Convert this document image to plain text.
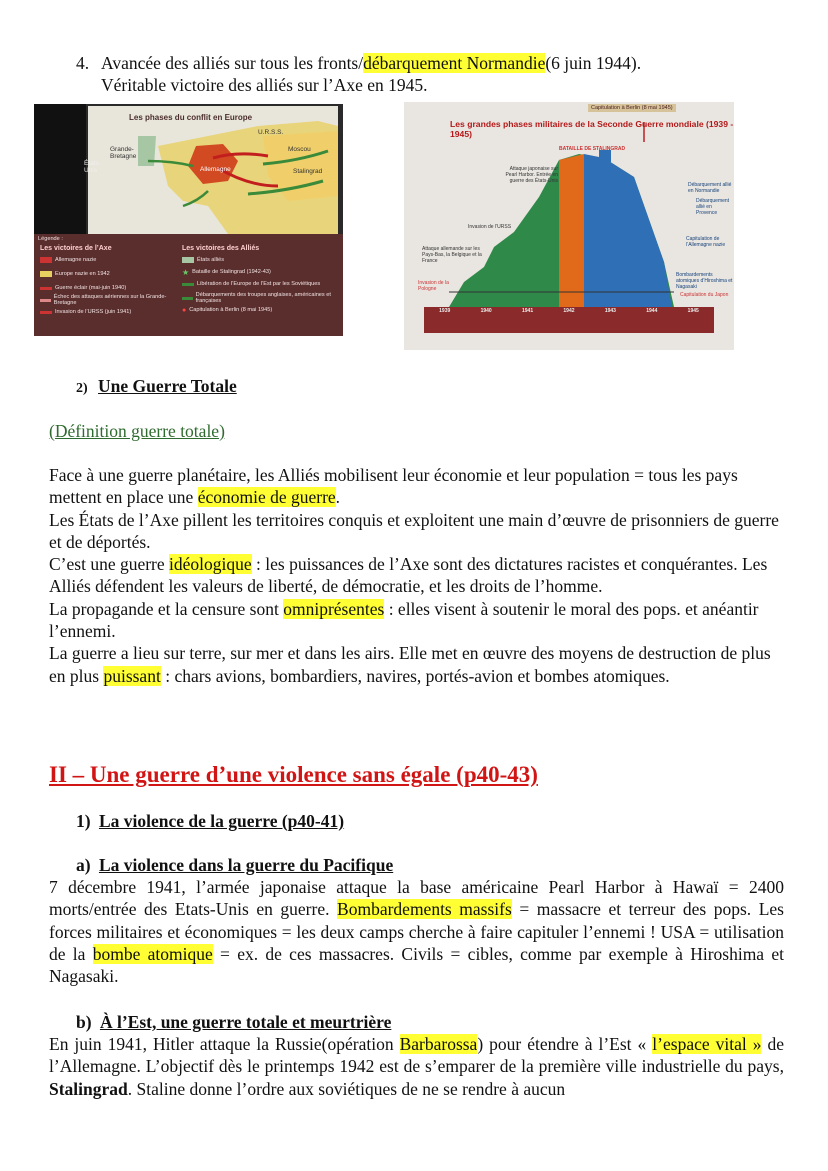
4. Avancée des alliés sur tous les fronts/débarquement Normandie(6 juin 1944).
Véritable victoire des alliés sur l’Axe en 1945.
Les phases du conflit en Europe
U.R.S.S.
Grande-Bretagne
États-Unis	Allemagne
Moscou
Stalingrad
Légende :
Les victoires de l’Axe	Les victoires des Alliés
Allemagne nazie
Europe nazie en 1942
Guerre éclair (mai-juin 1940)
Échec des attaques aériennes sur la Grande-Bretagne
Invasion de l’URSS (juin 1941)
États alliés
★ Bataille de Stalingrad (1942-43)
Libération de l’Europe de l’Est par les Soviétiques
Débarquements des troupes anglaises, américaines et françaises
● Capitulation à Berlin (8 mai 1945)
Capitulation à Berlin (8 mai 1945)
Les grandes phases militaires de la Seconde Guerre mondiale (1939 - 1945)
BATAILLE DE STALINGRAD
Attaque japonaise sur Pearl Harbor. Entrée en guerre des États-Unis
Invasion de l’URSS
Attaque allemande sur les Pays-Bas, la Belgique et la France
Invasion de la Pologne
Débarquement allié en Normandie
Débarquement allié en Provence
Capitulation de l’Allemagne nazie
Bombardements atomiques d’Hiroshima et Nagasaki
Capitulation du Japon
1939	1940	1941	1942	1943	1944	1945
2) Une Guerre Totale
(Définition guerre totale)
Face à une guerre planétaire, les Alliés mobilisent leur économie et leur population = tous les pays mettent en place une économie de guerre.
Les États de l’Axe pillent les territoires conquis et exploitent une main d’œuvre de prisonniers de guerre et de déportés.
C’est une guerre idéologique : les puissances de l’Axe sont des dictatures racistes et conquérantes. Les Alliés défendent les valeurs de liberté, de démocratie, et les droits de l’homme.
La propagande et la censure sont omniprésentes : elles visent à soutenir le moral des pops. et anéantir l’ennemi.
La guerre a lieu sur terre, sur mer et dans les airs. Elle met en œuvre des moyens de destruction de plus en plus puissant : chars avions, bombardiers, navires, portés-avion et bombes atomiques.
II – Une guerre d’une violence sans égale (p40-43)
1) La violence de la guerre (p40-41)
a) La violence dans la guerre du Pacifique
7 décembre 1941, l’armée japonaise attaque la base américaine Pearl Harbor à Hawaï = 2400 morts/entrée des Etats-Unis en guerre. Bombardements massifs = massacre et terreur des pops. Les forces militaires et économiques = les deux camps cherche à faire capituler l’ennemi ! USA = utilisation de la bombe atomique = ex. de ces massacres. Civils = cibles, comme par exemple à Hiroshima et Nagasaki.
b) À l’Est, une guerre totale et meurtrière
En juin 1941, Hitler attaque la Russie(opération Barbarossa) pour étendre à l’Est « l’espace vital » de l’Allemagne. L’objectif dès le printemps 1942 est de s’emparer de la première ville industrielle du pays, Stalingrad. Staline donne l’ordre aux soviétiques de ne se rendre à aucun
